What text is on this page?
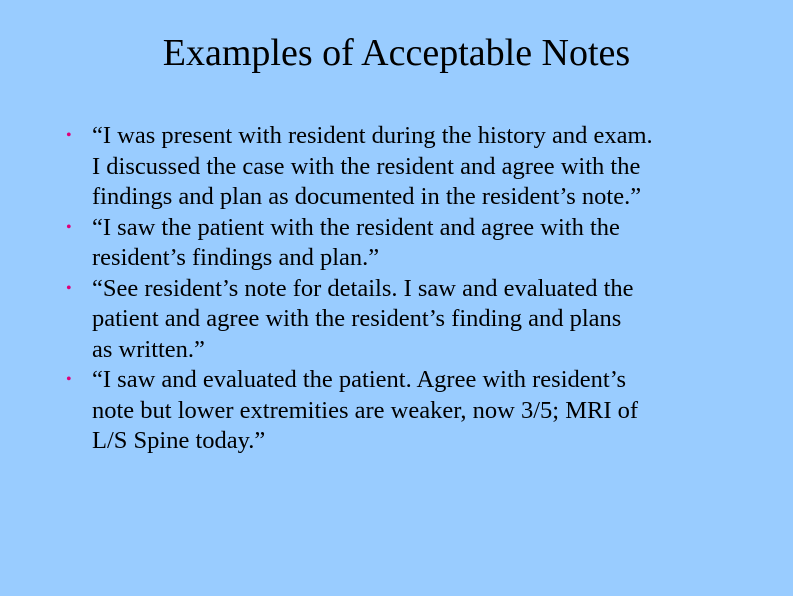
Examples of Acceptable Notes
• “I was present with resident during the history and exam.
I discussed the case with the resident and agree with the
findings and plan as documented in the resident’s note.”
• “I saw the patient with the resident and agree with the
resident’s findings and plan.”
• “See resident’s note for details. I saw and evaluated the
patient and agree with the resident’s finding and plans
as written.”
• “I saw and evaluated the patient. Agree with resident’s
note but lower extremities are weaker, now 3/5; MRI of
L/S Spine today.”
